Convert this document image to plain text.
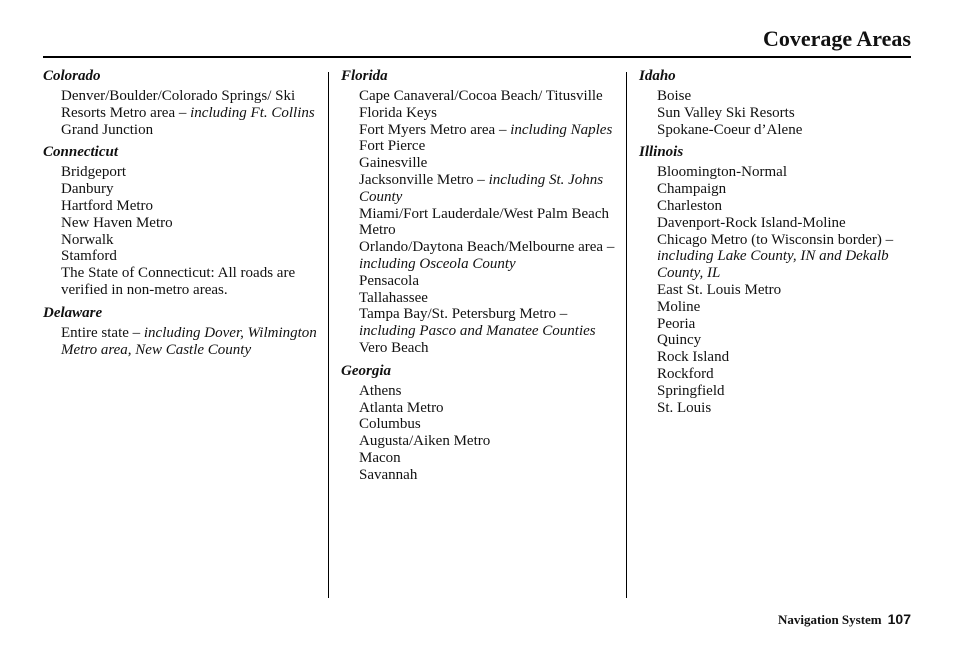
Coverage Areas
Colorado
Denver/Boulder/Colorado Springs/ Ski Resorts Metro area – including Ft. Collins
Grand Junction
Connecticut
Bridgeport
Danbury
Hartford Metro
New Haven Metro
Norwalk
Stamford
The State of Connecticut: All roads are verified in non-metro areas.
Delaware
Entire state – including Dover, Wilmington Metro area, New Castle County
Florida
Cape Canaveral/Cocoa Beach/ Titusville
Florida Keys
Fort Myers Metro area – including Naples
Fort Pierce
Gainesville
Jacksonville Metro – including St. Johns County
Miami/Fort Lauderdale/West Palm Beach Metro
Orlando/Daytona Beach/Melbourne area – including Osceola County
Pensacola
Tallahassee
Tampa Bay/St. Petersburg Metro – including Pasco and Manatee Counties
Vero Beach
Georgia
Athens
Atlanta Metro
Columbus
Augusta/Aiken Metro
Macon
Savannah
Idaho
Boise
Sun Valley Ski Resorts
Spokane-Coeur d’Alene
Illinois
Bloomington-Normal
Champaign
Charleston
Davenport-Rock Island-Moline
Chicago Metro (to Wisconsin border) – including Lake County, IN and Dekalb County, IL
East St. Louis Metro
Moline
Peoria
Quincy
Rock Island
Rockford
Springfield
St. Louis
Navigation System 107
